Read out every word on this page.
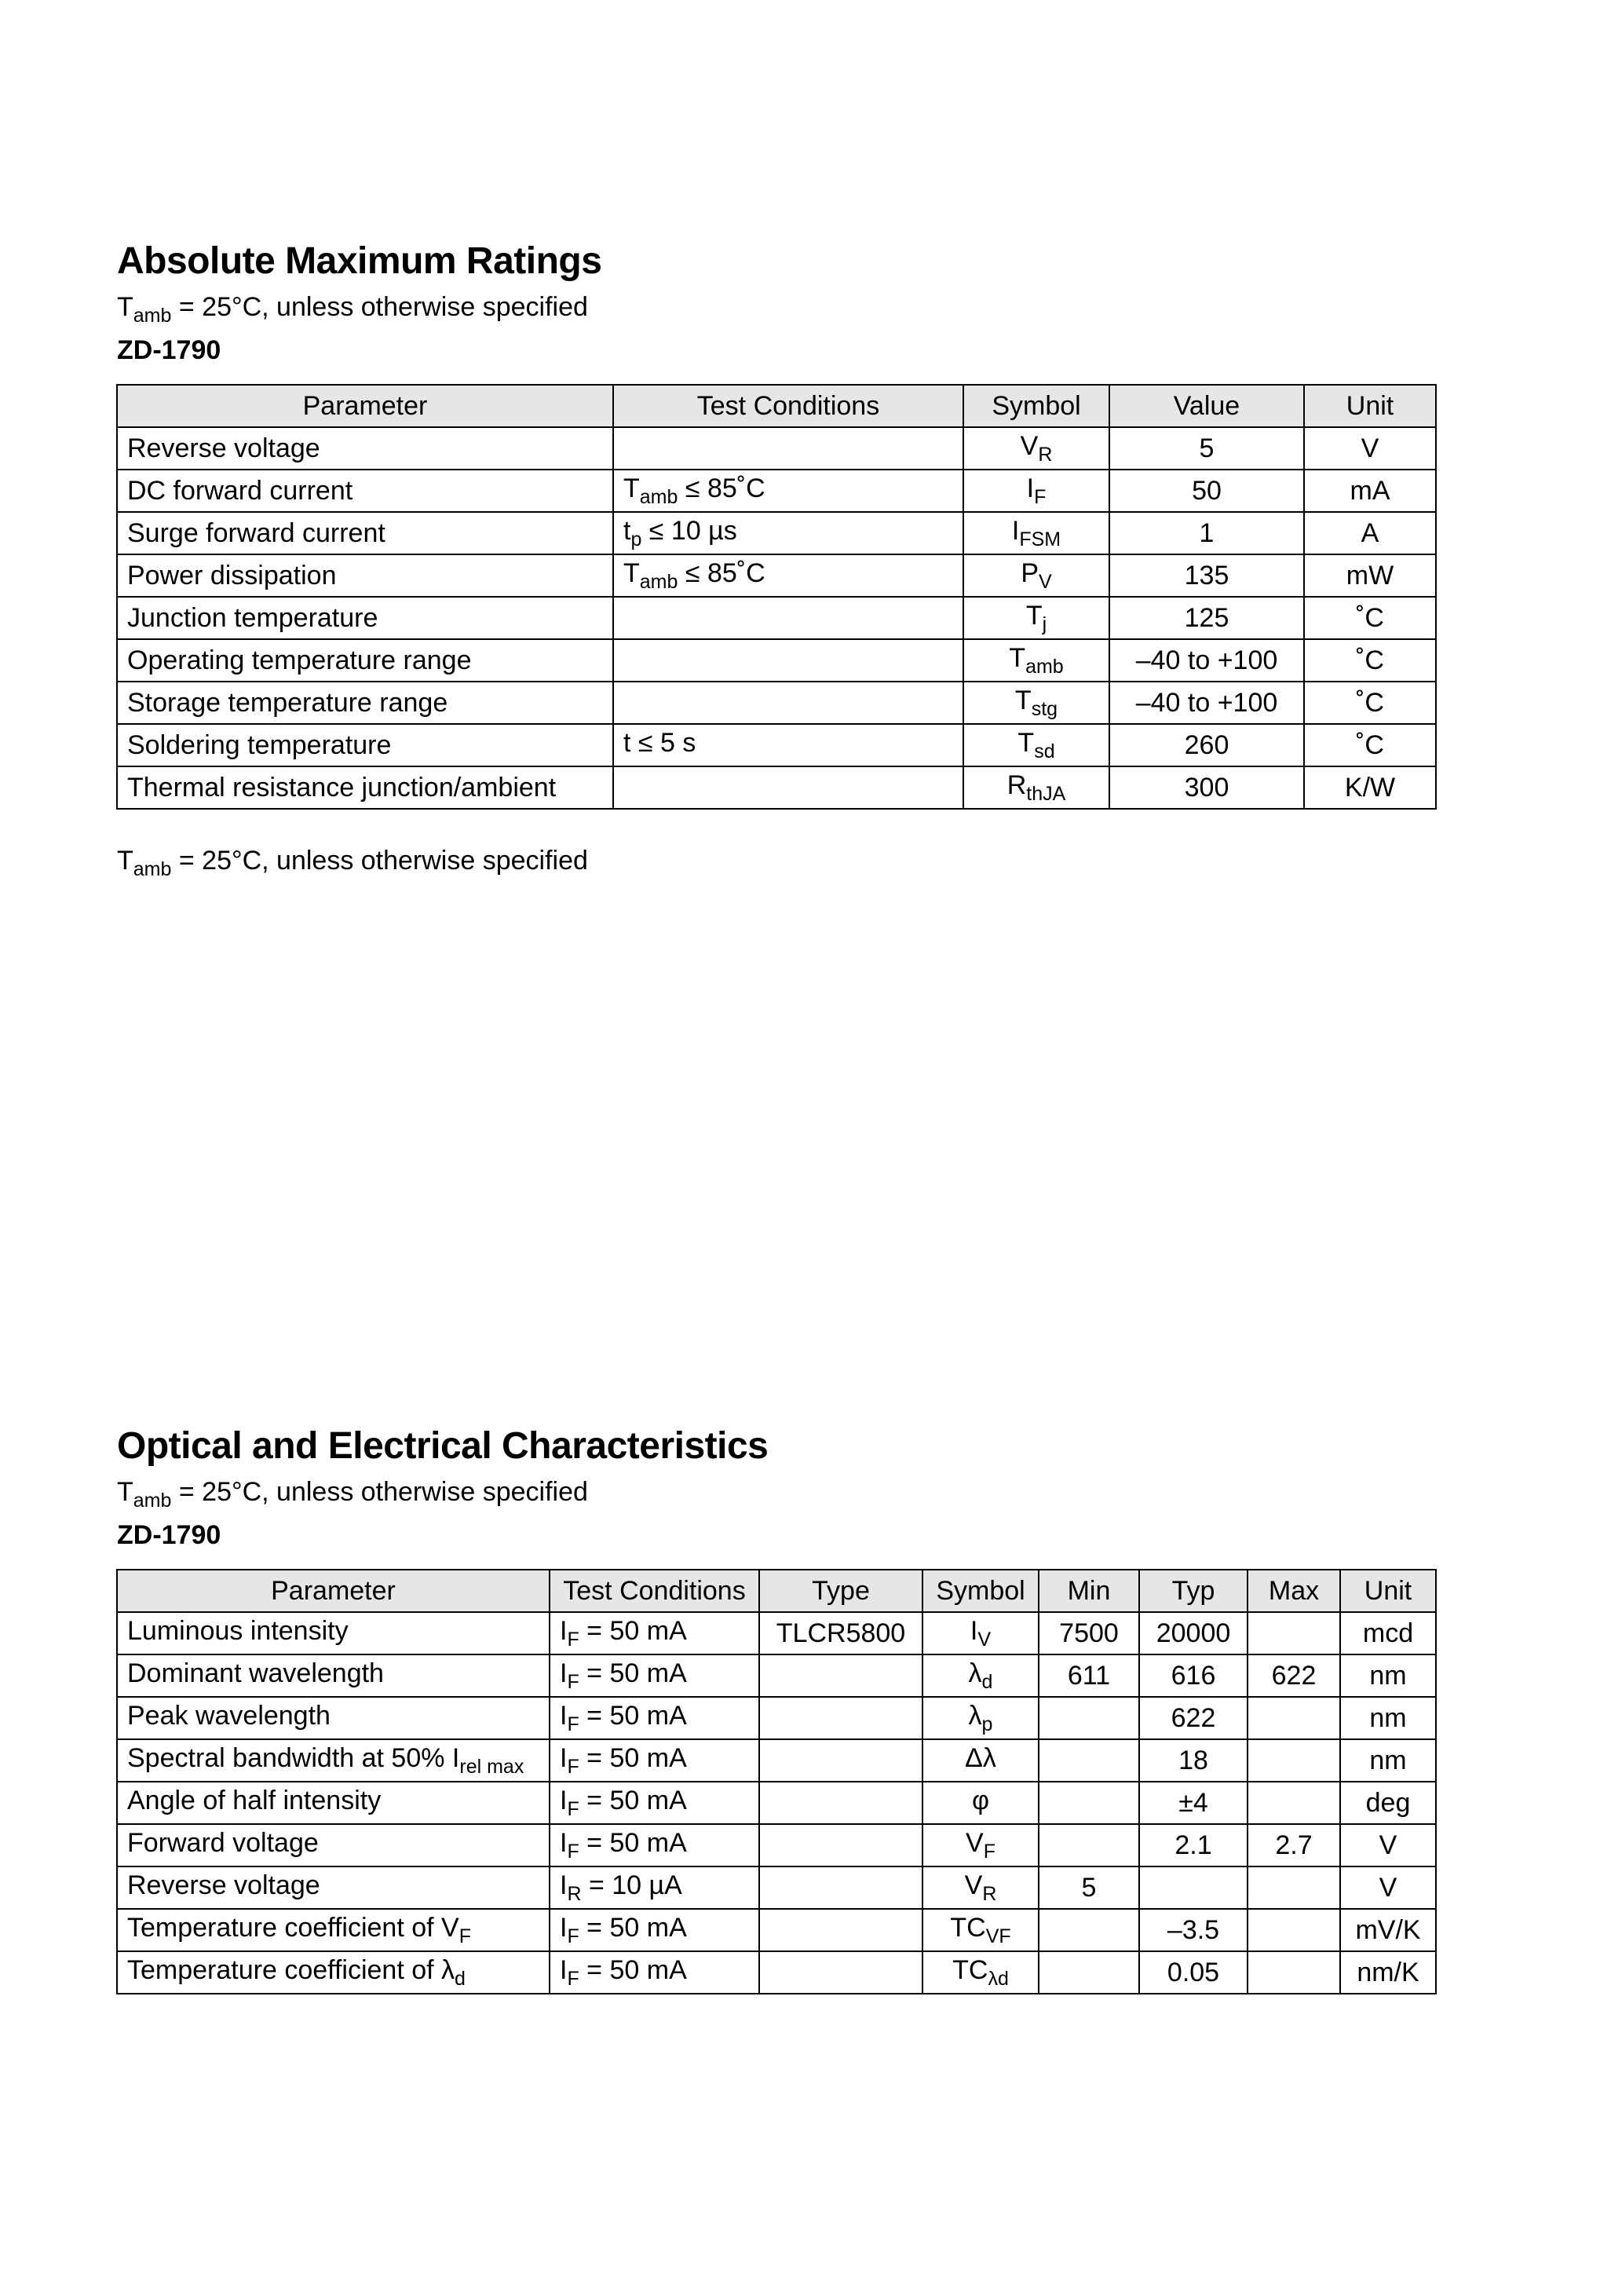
Absolute Maximum Ratings

$T_{amb} = 25^\circ C$, unless otherwise specified

ZD-1790

Parameter	Test Conditions	Symbol	Value	Unit
Reverse voltage		$V_R$	5	V
DC forward current	$T_{amb}$ ≤ 85˚C	$I_F$	50	mA
Surge forward current	$t_p \le 10$ µs	$I_{FSM}$	1	A
Power dissipation	$T_{amb}$ ≤ 85˚C	$P_V$	135	mW
Junction temperature		$T_j$	125	˚C
Operating temperature range		$T_{amb}$	–40 to +100	˚C
Storage temperature range		$T_{stg}$	–40 to +100	˚C
Soldering temperature	t ≤ 5 s	$T_{sd}$	260	˚C
Thermal resistance junction/ambient		$R_{thJA}$	300	K/W

$T_{amb} = 25^\circ C$, unless otherwise specified

Optical and Electrical Characteristics

$T_{amb} = 25^\circ C$, unless otherwise specified

ZD-1790

Parameter	Test Conditions	Type	Symbol	Min	Typ	Max	Unit
Luminous intensity	$I_F = 50$ mA	TLCR5800	$I_V$	7500	20000		mcd
Dominant wavelength	$I_F = 50$ mA		$\lambda_d$	611	616	622	nm
Peak wavelength	$I_F = 50$ mA		$\lambda_p$		622		nm
Spectral bandwidth at 50% $I_{rel max}$	$I_F = 50$ mA		Δλ		18		nm
Angle of half intensity	$I_F = 50$ mA		φ		±4		deg
Forward voltage	$I_F = 50$ mA		$V_F$		2.1	2.7	V
Reverse voltage	$I_R = 10$ µA		$V_R$	5			V
Temperature coefficient of $V_F$	$I_F = 50$ mA		$TC_{VF}$		–3.5		mV/K
Temperature coefficient of $\lambda_d$	$I_F = 50$ mA		$TC_{\lambda d}$		0.05		nm/K
